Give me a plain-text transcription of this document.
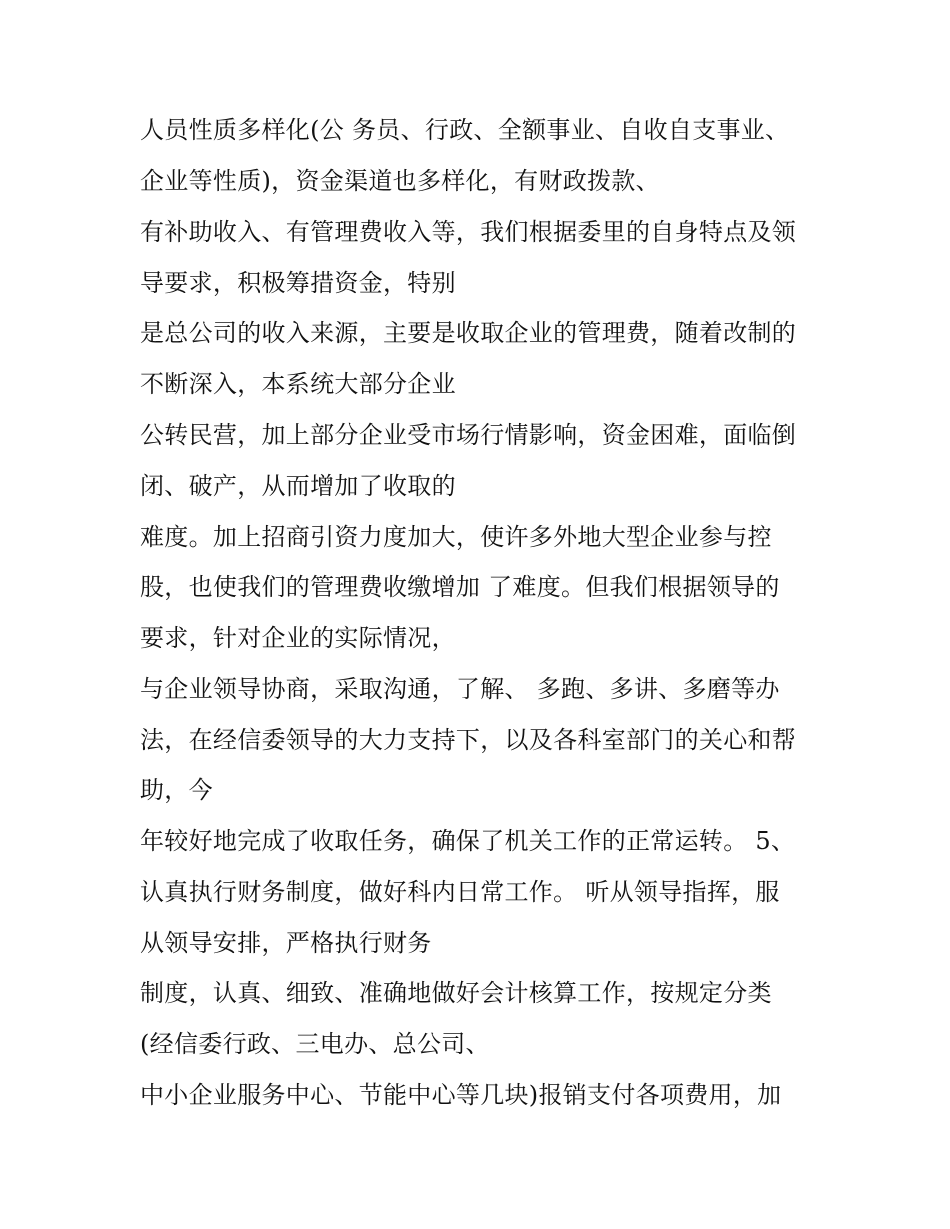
人员性质多样化(公 务员、行政、全额事业、自收自支事业、
企业等性质)，资金渠道也多样化，有财政拨款、
有补助收入、有管理费收入等，我们根据委里的自身特点及领
导要求，积极筹措资金，特别
是总公司的收入来源，主要是收取企业的管理费，随着改制的
不断深入，本系统大部分企业
公转民营，加上部分企业受市场行情影响，资金困难，面临倒
闭、破产，从而增加了收取的
难度。加上招商引资力度加大，使许多外地大型企业参与控
股，也使我们的管理费收缴增加 了难度。但我们根据领导的
要求，针对企业的实际情况，
与企业领导协商，采取沟通，了解、 多跑、多讲、多磨等办
法，在经信委领导的大力支持下，以及各科室部门的关心和帮
助，今
年较好地完成了收取任务，确保了机关工作的正常运转。 5、
认真执行财务制度，做好科内日常工作。 听从领导指挥，服
从领导安排，严格执行财务
制度，认真、细致、准确地做好会计核算工作，按规定分类
(经信委行政、三电办、总公司、
中小企业服务中心、节能中心等几块)报销支付各项费用，加
